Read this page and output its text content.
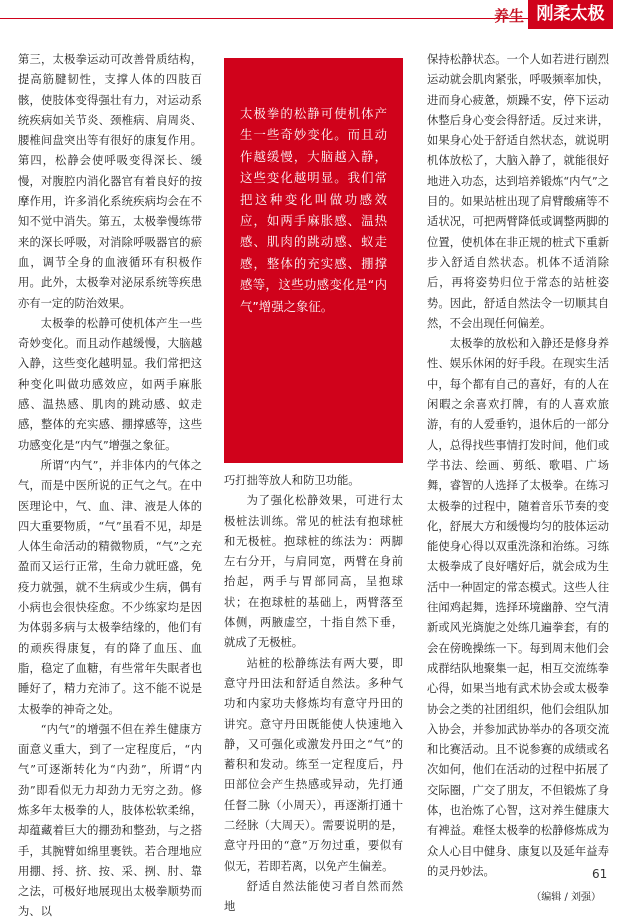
养生 刚柔太极

第三，太极拳运动可改善骨质结构，提高筋腱韧性，支撑人体的四肢百骸，使肢体变得强壮有力，对运动系统疾病如关节炎、颈椎病、肩周炎、腰椎间盘突出等有很好的康复作用。第四，松静会使呼吸变得深长、缓慢，对腹腔内消化器官有着良好的按摩作用，许多消化系统疾病均会在不知不觉中消失。第五，太极拳慢练带来的深长呼吸，对消除呼吸器官的瘀血，调节全身的血液循环有积极作用。此外，太极拳对泌尿系统等疾患亦有一定的防治效果。

太极拳的松静可使机体产生一些奇妙变化。而且动作越缓慢，大脑越入静，这些变化越明显。我们常把这种变化叫做功感效应，如两手麻胀感、温热感、肌肉的跳动感、蚁走感，整体的充实感、掤撑感等，这些功感变化是“内气”增强之象征。

所谓“内气”，并非体内的气体之气，而是中医所说的正气之气。在中医理论中，气、血、津、液是人体的四大重要物质，“气”虽看不见，却是人体生命活动的精微物质，“气”之充盈而又运行正常，生命力就旺盛，免疫力就强，就不生病或少生病，偶有小病也会很快痊愈。不少练家均是因为体弱多病与太极拳结缘的，他们有的顽疾得康复，有的降了血压、血脂，稳定了血糖，有些常年失眠者也睡好了，精力充沛了。这不能不说是太极拳的神奇之处。

“内气”的增强不但在养生健康方面意义重大，到了一定程度后，“内气”可逐渐转化为“内劲”，所谓“内劲”即看似无力却劲力无穷之劲。修炼多年太极拳的人，肢体松软柔绵，却蕴藏着巨大的掤劲和整劲，与之搭手，其腕臂如绵里裹铁。若合理地应用掤、捋、挤、按、采、挒、肘、靠之法，可极好地展现出太极拳顺势而为、以

太极拳的松静可使机体产生一些奇妙变化。而且动作越缓慢，大脑越入静，这些变化越明显。我们常把这种变化叫做功感效应，如两手麻胀感、温热感、肌肉的跳动感、蚁走感，整体的充实感、掤撑感等，这些功感变化是“内气”增强之象征。

巧打拙等放人和防卫功能。

为了强化松静效果，可进行太极桩法训练。常见的桩法有抱球桩和无极桩。抱球桩的练法为：两脚左右分开，与肩同宽，两臂在身前抬起，两手与胃部同高，呈抱球状；在抱球桩的基础上，两臂落至体侧，两腋虚空，十指自然下垂，就成了无极桩。

站桩的松静练法有两大要，即意守丹田法和舒适自然法。多种气功和内家功夫修炼均有意守丹田的讲究。意守丹田既能使人快速地入静，又可强化或激发丹田之“气”的蓄积和发动。练至一定程度后，丹田部位会产生热感或异动，先打通任督二脉（小周天），再逐渐打通十二经脉（大周天）。需要说明的是，意守丹田的“意”万勿过重，要似有似无，若即若离，以免产生偏差。

舒适自然法能使习者自然而然地

保持松静状态。一个人如若进行剧烈运动就会肌肉紧张，呼吸频率加快，进而身心疲惫，烦躁不安，停下运动休整后身心变会得舒适。反过来讲，如果身心处于舒适自然状态，就说明机体放松了，大脑入静了，就能很好地进入功态，达到培养锻炼“内气”之目的。如果站桩出现了肩臂酸痛等不适状况，可把两臂降低或调整两脚的位置，使机体在非正规的桩式下重新步入舒适自然状态。机体不适消除后，再将姿势归位于常态的站桩姿势。因此，舒适自然法令一切顺其自然，不会出现任何偏差。

太极拳的放松和入静还是修身养性、娱乐休闲的好手段。在现实生活中，每个都有自己的喜好，有的人在闲暇之余喜欢打牌，有的人喜欢旅游，有的人爱垂钓，退休后的一部分人，总得找些事情打发时间，他们或学书法、绘画、剪纸、歌唱、广场舞，睿智的人选择了太极拳。在练习太极拳的过程中，随着音乐节奏的变化，舒展大方和缓慢均匀的肢体运动能使身心得以双重洗涤和治练。习练太极拳成了良好嗜好后，就会成为生活中一种固定的常态模式。这些人往往闻鸡起舞，选择环境幽静、空气清新或风光旖旎之处练几遍拳套，有的会在傍晚操练一下。每到周末他们会成群结队地聚集一起，相互交流练拳心得，如果当地有武术协会或太极拳协会之类的社团组织，他们会组队加入协会，并参加武协举办的各项交流和比赛活动。且不说参赛的成绩或名次如何，他们在活动的过程中拓展了交际圈，广交了朋友，不但锻炼了身体，也治炼了心智，这对养生健康大有裨益。难怪太极拳的松静修炼成为众人心目中健身、康复以及延年益寿的灵丹妙法。

（编辑 / 刘强）
61
